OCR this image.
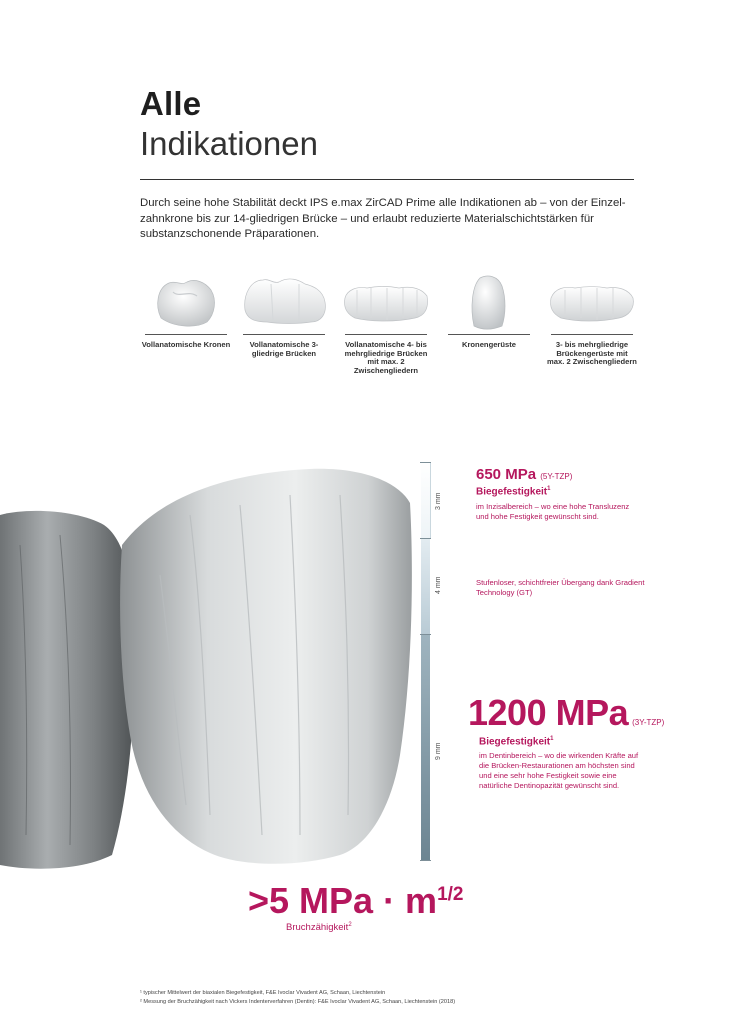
Alle
Indikationen
Durch seine hohe Stabilität deckt IPS e.max ZirCAD Prime alle Indikationen ab – von der Einzel-zahnkrone bis zur 14-gliedrigen Brücke – und erlaubt reduzierte Materialschichtstärken für substanzschonende Präparationen.
Vollanatomische Kronen	Vollanatomische 3-gliedrige Brücken
Vollanatomische 4- bis mehrgliedrige Brücken mit max. 2 Zwischengliedern
Kronengerüste	3- bis mehrgliedrige Brückengerüste mit max. 2 Zwischengliedern
3 mm
4 mm
9 mm
650 MPa (5Y-TZP)
Biegefestigkeit$^1$
im Inzisalbereich – wo eine hohe Transluzenz und hohe Festigkeit gewünscht sind.
Stufenloser, schichtfreier Übergang dank Gradient Technology (GT)
1200 MPa (3Y-TZP)
Biegefestigkeit$^1$
im Dentinbereich – wo die wirkenden Kräfte auf die Brücken-Restaurationen am höchsten sind und eine sehr hohe Festigkeit sowie eine natürliche Dentinopazität gewünscht sind.
>5 MPa · $m^{1/2}$
Bruchzähigkeit$^2$
¹ typischer Mittelwert der biaxialen Biegefestigkeit, F&E Ivoclar Vivadent AG, Schaan, Liechtenstein
² Messung der Bruchzähigkeit nach Vickers Indenterverfahren (Dentin): F&E Ivoclar Vivadent AG, Schaan, Liechtenstein (2018)
